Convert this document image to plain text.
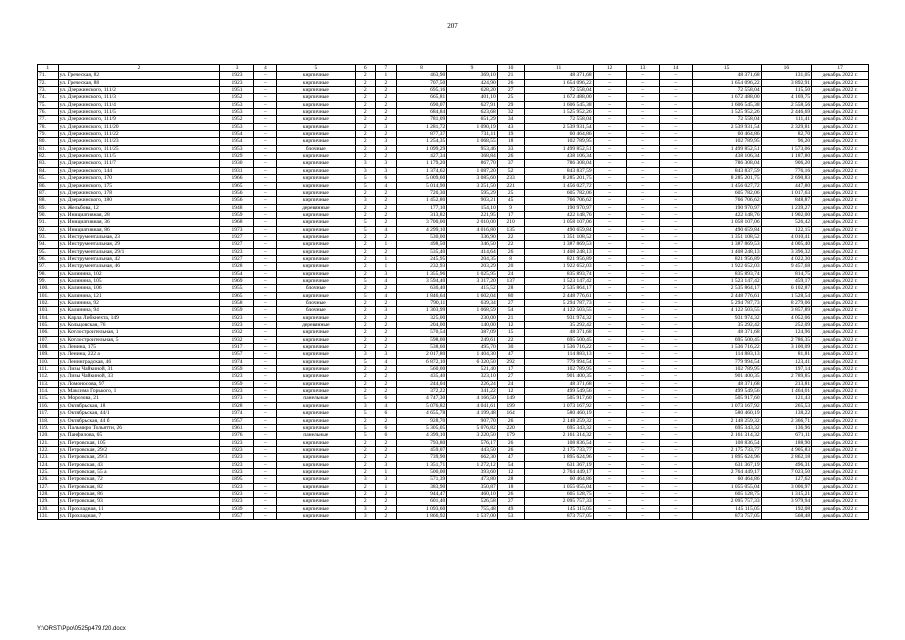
207
1	2	3	4	5	6	7	8	9	10	11	12	13	14	15	16	17
71.	ул. Греческая, 82	1923	–	кирпичные	2	1	463,90	369,10	21	48 371,68	–	–	–	48 371,68	131,05	декабрь 2022 г.
72.	ул. Греческая, 88	1923	–	кирпичные	2	2	707,50	424,90	26	1 654 096,22	–	–	–	1 654 096,22	3 892,91	декабрь 2022 г.
73.	ул. Дзержинского, 111/2	1951	–	кирпичные	2	2	695,16	628,20	27	72 558,04	–	–	–	72 558,04	115,50	декабрь 2022 г.
74.	ул. Дзержинского, 111/3	1952	–	кирпичные	2	2	665,81	401,10	25	1 672 488,00	–	–	–	1 672 488,00	4 169,75	декабрь 2022 г.
75.	ул. Дзержинского, 111/4	1953	–	кирпичные	2	2	690,07	627,91	29	1 606 545,38	–	–	–	1 606 545,38	2 558,56	декабрь 2022 г.
76.	ул. Дзержинского, 111/5	1953	–	кирпичные	2	2	684,84	623,68	32	1 525 952,26	–	–	–	1 525 952,26	2 446,69	декабрь 2022 г.
77.	ул. Дзержинского, 111/9	1952	–	кирпичные	2	2	781,09	651,29	34	72 558,04	–	–	–	72 558,04	111,41	декабрь 2022 г.
78.	ул. Дзержинского, 111/20	1953	–	кирпичные	2	3	1 281,72	1 090,19	43	2 539 931,54	–	–	–	2 539 931,54	2 329,81	декабрь 2022 г.
79.	ул. Дзержинского, 111/22	1954	–	кирпичные	2	2	877,37	731,11	19	60 464,86	–	–	–	60 464,86	82,70	декабрь 2022 г.
80.	ул. Дзержинского, 111/23	1954	–	кирпичные	2	3	1 254,35	1 068,55	18	102 789,95	–	–	–	102 789,95	96,20	декабрь 2022 г.
81.	ул. Дзержинского, 111/25	1953	–	блочные	2	3	1 099,29	953,46	33	1 499 852,51	–	–	–	1 499 852,51	1 573,06	декабрь 2022 г.
82.	ул. Дзержинского, 111/5	1929	–	кирпичные	2	2	427,34	368,84	26	438 106,34	–	–	–	438 106,34	1 187,80	декабрь 2022 г.
83.	ул. Дзержинского, 111/7	1930	–	кирпичные	3	3	1 179,20	867,70	37	786 308,04	–	–	–	786 308,04	906,20	декабрь 2022 г.
84.	ул. Дзержинского, 144	1931	–	кирпичные	3	3	1 374,62	1 087,20	52	843 837,59	–	–	–	843 837,59	776,16	декабрь 2022 г.
85.	ул. Дзержинского, 170	1966	–	кирпичные	5	6	5 009,60	3 085,60	233	8 285 201,75	–	–	–	8 285 201,75	2 690,83	декабрь 2022 г.
86.	ул. Дзержинского, 175	1965	–	кирпичные	5	4	5 014,90	3 251,50	221	1 456 027,72	–	–	–	1 456 027,72	447,80	декабрь 2022 г.
87.	ул. Дзержинского, 178	1956	–	кирпичные	2	2	720,30	595,29	25	605 782,06	–	–	–	605 782,06	1 017,63	декабрь 2022 г.
88.	ул. Дзержинского, 180	1956	–	кирпичные	3	2	1 452,80	903,21	45	766 706,62	–	–	–	766 706,62	848,87	декабрь 2022 г.
89.	ул. Жельбова, 12	1948	–	деревянные	2	2	177,10	154,10	9	190 970,97	–	–	–	190 970,97	1 239,27	декабрь 2022 г.
90.	ул. Инициативная, 28	1959	–	кирпичные	2	2	313,82	221,95	17	422 148,76	–	–	–	422 148,76	1 902,00	декабрь 2022 г.
91.	ул. Инициативная, 36	1968	–	кирпичные	5	2	3 700,00	2 010,00	210	1 058 107,06	–	–	–	1 058 107,06	526,42	декабрь 2022 г.
92.	ул. Инициативная, 86	1973	–	кирпичные	5	4	4 299,10	4 016,80	135	490 659,84	–	–	–	490 659,84	122,15	декабрь 2022 г.
93.	ул. Инструментальная, 23	1927	–	кирпичные	2	2	530,00	336,90	22	1 351 108,52	–	–	–	1 351 108,52	4 010,41	декабрь 2022 г.
94.	ул. Инструментальная, 29	1927	–	кирпичные	2	1	498,50	346,50	22	1 387 869,53	–	–	–	1 387 869,53	4 005,40	декабрь 2022 г.
95.	ул. Инструментальная, 29/1	1923	–	кирпичные	2	2	535,40	414,64	26	1 408 248,13	–	–	–	1 408 248,13	3 396,32	декабрь 2022 г.
96.	ул. Инструментальная, 42	1927	–	кирпичные	2	1	245,95	204,35	8	821 956,89	–	–	–	821 956,89	4 022,30	декабрь 2022 г.
97.	ул. Инструментальная, 46	1928	–	кирпичные	2	1	232,93	203,29	20	1 922 652,03	–	–	–	1 922 652,03	9 457,68	декабрь 2022 г.
98.	ул. Калинина, 102	1954	–	кирпичные	2	3	1 355,96	1 025,95	24	835 893,74	–	–	–	835 893,74	814,75	декабрь 2022 г.
99.	ул. Калинина, 105	1969	–	кирпичные	5	4	3 594,40	3 317,20	137	1 523 147,42	–	–	–	1 523 147,42	459,17	декабрь 2022 г.
100.	ул. Калинина, 106	1955	–	блочные	2	2	630,40	415,52	28	2 535 864,17	–	–	–	2 535 864,17	6 102,87	декабрь 2022 г.
101.	ул. Калинина, 121	1965	–	кирпичные	5	4	1 846,64	1 602,04	80	2 448 776,61	–	–	–	2 448 776,61	1 528,54	декабрь 2022 г.
102.	ул. Калинина, 92	1958	–	блочные	2	2	790,11	639,34	27	5 294 787,73	–	–	–	5 294 787,73	8 279,06	декабрь 2022 г.
103.	ул. Калинина, 94	1959	–	блочные	2	3	1 303,99	1 068,59	54	4 122 503,55	–	–	–	4 122 503,55	3 857,89	декабрь 2022 г.
104.	ул. Карла Либкнехта, 149	1923	–	кирпичные	2	2	325,00	230,00	21	931 974,32	–	–	–	931 974,32	4 052,06	декабрь 2022 г.
105.	ул. Кольцовская, 76	1923	–	деревянные	2	2	204,00	140,00	12	35 292,42	–	–	–	35 292,42	252,09	декабрь 2022 г.
106.	ул. Котлостроительная, 1	1932	–	кирпичные	2	2	570,54	387,09	15	48 371,68	–	–	–	48 371,68	124,96	декабрь 2022 г.
107.	ул. Котлостроительная, 5	1932	–	кирпичные	2	2	598,00	249,61	22	695 500,45	–	–	–	695 500,45	2 786,35	декабрь 2022 г.
108.	ул. Ленина, 175	1917	–	кирпичные	2	2	538,60	495,70	30	1 536 716,22	–	–	–	1 536 716,22	3 100,09	декабрь 2022 г.
109.	ул. Ленина, 222 а	1957	–	кирпичные	3	3	2 017,80	1 404,30	47	114 883,13	–	–	–	114 883,13	81,81	декабрь 2022 г.
110.	ул. Ленинградская, 46	1974	–	кирпичные	5	4	6 872,10	6 320,50	292	779 994,54	–	–	–	779 994,54	123,41	декабрь 2022 г.
111.	ул. Лизы Чайкиной, 31	1959	–	кирпичные	2	2	560,00	521,40	17	102 789,95	–	–	–	102 789,95	197,14	декабрь 2022 г.
112.	ул. Лизы Чайкиной, 33	1923	–	кирпичные	2	2	435,40	323,10	27	901 400,35	–	–	–	901 400,35	2 789,85	декабрь 2022 г.
113.	ул. Ломоносова, 97	1959	–	кирпичные	2	2	244,04	226,24	24	48 371,68	–	–	–	48 371,68	213,81	декабрь 2022 г.
114.	ул. Максима Горького, 1	1923	–	кирпичные	2	2	372,22	341,22	12	499 549,56	–	–	–	499 549,56	1 464,01	декабрь 2022 г.
115.	ул. Морозова, 21	1973	–	панельные	5	6	4 747,30	4 166,50	149	505 917,60	–	–	–	505 917,60	121,43	декабрь 2022 г.
116.	ул. Октябрьская, 18	1928	–	кирпичные	3	4	5 076,82	4 041,61	199	1 073 167,92	–	–	–	1 073 167,92	265,53	декабрь 2022 г.
117.	ул. Октябрьская, 44/1	1974	–	кирпичные	5	6	4 655,78	4 199,48	164	580 460,19	–	–	–	580 460,19	138,22	декабрь 2022 г.
118.	ул. Октябрьская, 44 б	1957	–	кирпичные	2	2	928,70	907,70	26	2 148 259,32	–	–	–	2 148 259,32	2 366,71	декабрь 2022 г.
119.	ул. Пальмиро Тольятти, 26	1961	–	кирпичные	5	6	5 305,05	5 076,82	220	695 343,32	–	–	–	695 343,32	136,96	декабрь 2022 г.
120.	ул. Панфилова, 65	1976	–	панельные	5	6	4 399,10	3 220,50	179	2 161 314,32	–	–	–	2 161 314,32	671,11	декабрь 2022 г.
121.	ул. Петровская, 105	1923	–	кирпичные	2	2	793,80	576,17	26	108 836,54	–	–	–	108 836,54	188,90	декабрь 2022 г.
122.	ул. Петровская, 29/2	1923	–	кирпичные	2	2	459,07	443,50	26	2 175 733,77	–	–	–	2 175 733,77	4 905,83	декабрь 2022 г.
123.	ул. Петровская, 29/3	1923	–	кирпичные	2	2	739,90	662,30	47	1 895 624,96	–	–	–	1 895 624,96	2 862,18	декабрь 2022 г.
124.	ул. Петровская, 43	1923	–	кирпичные	2	3	1 351,71	1 272,12	54	631 367,19	–	–	–	631 367,19	496,31	декабрь 2022 г.
125.	ул. Петровская, 55 а	1923	–	кирпичные	2	1	500,00	393,60	12	2 764 449,17	–	–	–	2 764 449,17	7 023,50	декабрь 2022 г.
126.	ул. Петровская, 72	1895	–	кирпичные	3	3	571,39	473,80	28	60 464,86	–	–	–	60 464,86	127,62	декабрь 2022 г.
127.	ул. Петровская, 82	1923	–	кирпичные	2	1	383,90	350,87	18	1 055 055,04	–	–	–	1 055 055,04	3 006,97	декабрь 2022 г.
128.	ул. Петровская, 86	1923	–	кирпичные	2	2	944,47	460,10	26	605 128,75	–	–	–	605 128,75	1 315,21	декабрь 2022 г.
129.	ул. Петровская, 93	1923	–	кирпичные	2	2	601,40	526,58	27	2 095 757,33	–	–	–	2 095 757,33	3 979,94	декабрь 2022 г.
130.	ул. Прохладная, 11	1939	–	кирпичные	3	2	1 093,60	755,48	49	145 115,05	–	–	–	145 115,05	192,08	декабрь 2022 г.
131.	ул. Прохладная, 7	1957	–	кирпичные	3	2	1 866,92	1 537,00	53	873 757,05	–	–	–	873 757,05	568,48	декабрь 2022 г.
Y:\ORST\Ppo\0525p479.f20.docx
